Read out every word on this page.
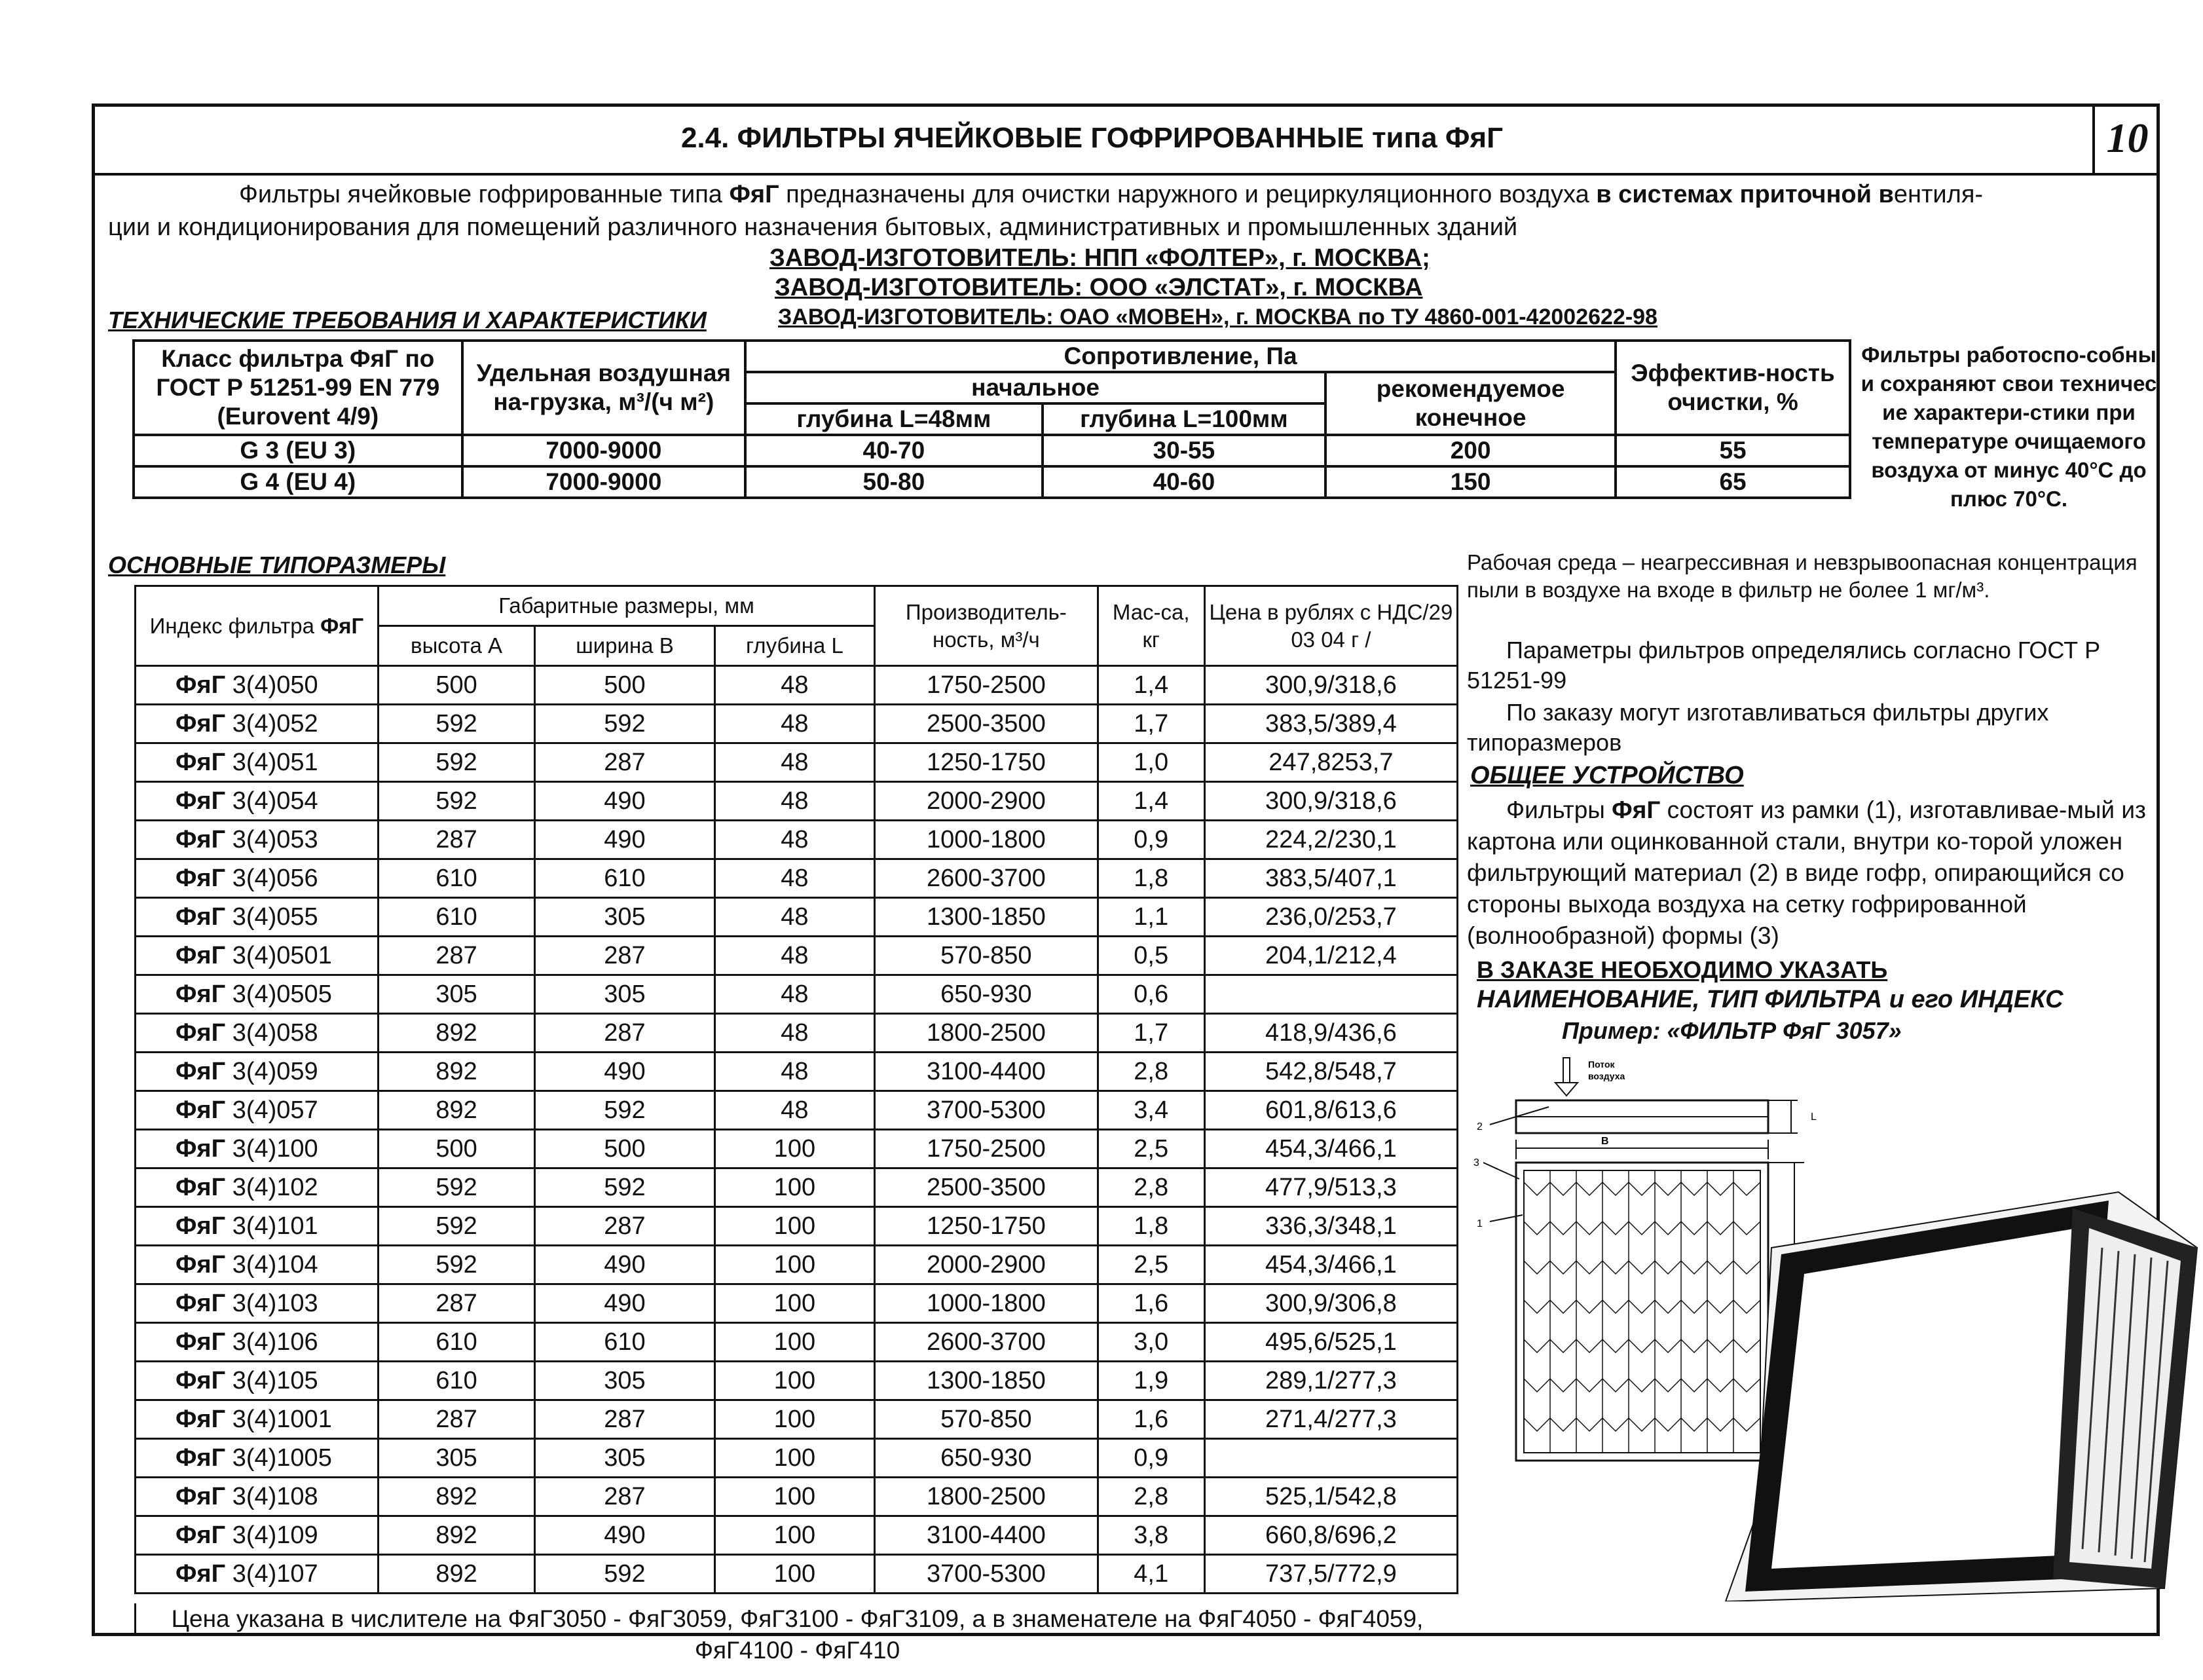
2.4. ФИЛЬТРЫ ЯЧЕЙКОВЫЕ ГОФРИРОВАННЫЕ типа ФяГ	10
Фильтры ячейковые гофрированные типа ФяГ предназначены для очистки наружного и рециркуляционного воздуха в системах приточной вентиля-
ции и кондиционирования для помещений различного назначения бытовых, административных и промышленных зданий
ЗАВОД-ИЗГОТОВИТЕЛЬ: НПП «ФОЛТЕР», г. МОСКВА;
ЗАВОД-ИЗГОТОВИТЕЛЬ: ООО «ЭЛСТАТ», г. МОСКВА
ЗАВОД-ИЗГОТОВИТЕЛЬ: ОАО «МОВЕН», г. МОСКВА по ТУ 4860-001-42002622-98
ТЕХНИЧЕСКИЕ ТРЕБОВАНИЯ И ХАРАКТЕРИСТИКИ
Класс фильтра ФяГ по ГОСТ Р 51251-99 EN 779 (Eurovent 4/9)	Удельная воздушная на-грузка, м³/(ч м²)	Сопротивление, Па			Эффектив-ность очистки, %
		начальное		рекомендуемое конечное	
		глубина L=48мм	глубина L=100мм		
G 3 (EU 3)	7000-9000	40-70	30-55	200	55
G 4 (EU 4)	7000-9000	50-80	40-60	150	65
Фильтры работоспо-собны и сохраняют свои техничес ие характери-стики при температуре очищаемого воздуха от минус 40°С до плюс 70°С.
ОСНОВНЫЕ ТИПОРАЗМЕРЫ
Индекс фильтра ФяГ	Габаритные размеры, мм			Производитель-ность, м³/ч	Мас-са, кг	Цена в рублях с НДС/29 03 04 г /
	высота А	ширина В	глубина L			
ФяГ 3(4)050	500	500	48	1750-2500	1,4	300,9/318,6
ФяГ 3(4)052	592	592	48	2500-3500	1,7	383,5/389,4
ФяГ 3(4)051	592	287	48	1250-1750	1,0	247,8253,7
ФяГ 3(4)054	592	490	48	2000-2900	1,4	300,9/318,6
ФяГ 3(4)053	287	490	48	1000-1800	0,9	224,2/230,1
ФяГ 3(4)056	610	610	48	2600-3700	1,8	383,5/407,1
ФяГ 3(4)055	610	305	48	1300-1850	1,1	236,0/253,7
ФяГ 3(4)0501	287	287	48	570-850	0,5	204,1/212,4
ФяГ 3(4)0505	305	305	48	650-930	0,6	
ФяГ 3(4)058	892	287	48	1800-2500	1,7	418,9/436,6
ФяГ 3(4)059	892	490	48	3100-4400	2,8	542,8/548,7
ФяГ 3(4)057	892	592	48	3700-5300	3,4	601,8/613,6
ФяГ 3(4)100	500	500	100	1750-2500	2,5	454,3/466,1
ФяГ 3(4)102	592	592	100	2500-3500	2,8	477,9/513,3
ФяГ 3(4)101	592	287	100	1250-1750	1,8	336,3/348,1
ФяГ 3(4)104	592	490	100	2000-2900	2,5	454,3/466,1
ФяГ 3(4)103	287	490	100	1000-1800	1,6	300,9/306,8
ФяГ 3(4)106	610	610	100	2600-3700	3,0	495,6/525,1
ФяГ 3(4)105	610	305	100	1300-1850	1,9	289,1/277,3
ФяГ 3(4)1001	287	287	100	570-850	1,6	271,4/277,3
ФяГ 3(4)1005	305	305	100	650-930	0,9	
ФяГ 3(4)108	892	287	100	1800-2500	2,8	525,1/542,8
ФяГ 3(4)109	892	490	100	3100-4400	3,8	660,8/696,2
ФяГ 3(4)107	892	592	100	3700-5300	4,1	737,5/772,9
Цена указана в числителе на ФяГ3050 - ФяГ3059, ФяГ3100 - ФяГ3109, а в знаменателе на ФяГ4050 - ФяГ4059, ФяГ4100 - ФяГ410
Рабочая среда – неагрессивная и невзрывоопасная концентрация пыли в воздухе на входе в фильтр не более 1 мг/м³.
Параметры фильтров определялись согласно ГОСТ Р 51251-99
По заказу могут изготавливаться фильтры других типоразмеров
ОБЩЕЕ УСТРОЙСТВО
Фильтры ФяГ состоят из рамки (1), изготавливае-мый из картона или оцинкованной стали, внутри ко-торой уложен фильтрующий материал (2) в виде гофр, опирающийся со стороны выхода воздуха на сетку гофрированной (волнообразной) формы (3)
В ЗАКАЗЕ НЕОБХОДИМО УКАЗАТЬ
НАИМЕНОВАНИЕ, ТИП ФИЛЬТРА и его ИНДЕКС
Пример: «ФИЛЬТР ФяГ 3057»
Поток
воздуха
L
2
B
3
1
